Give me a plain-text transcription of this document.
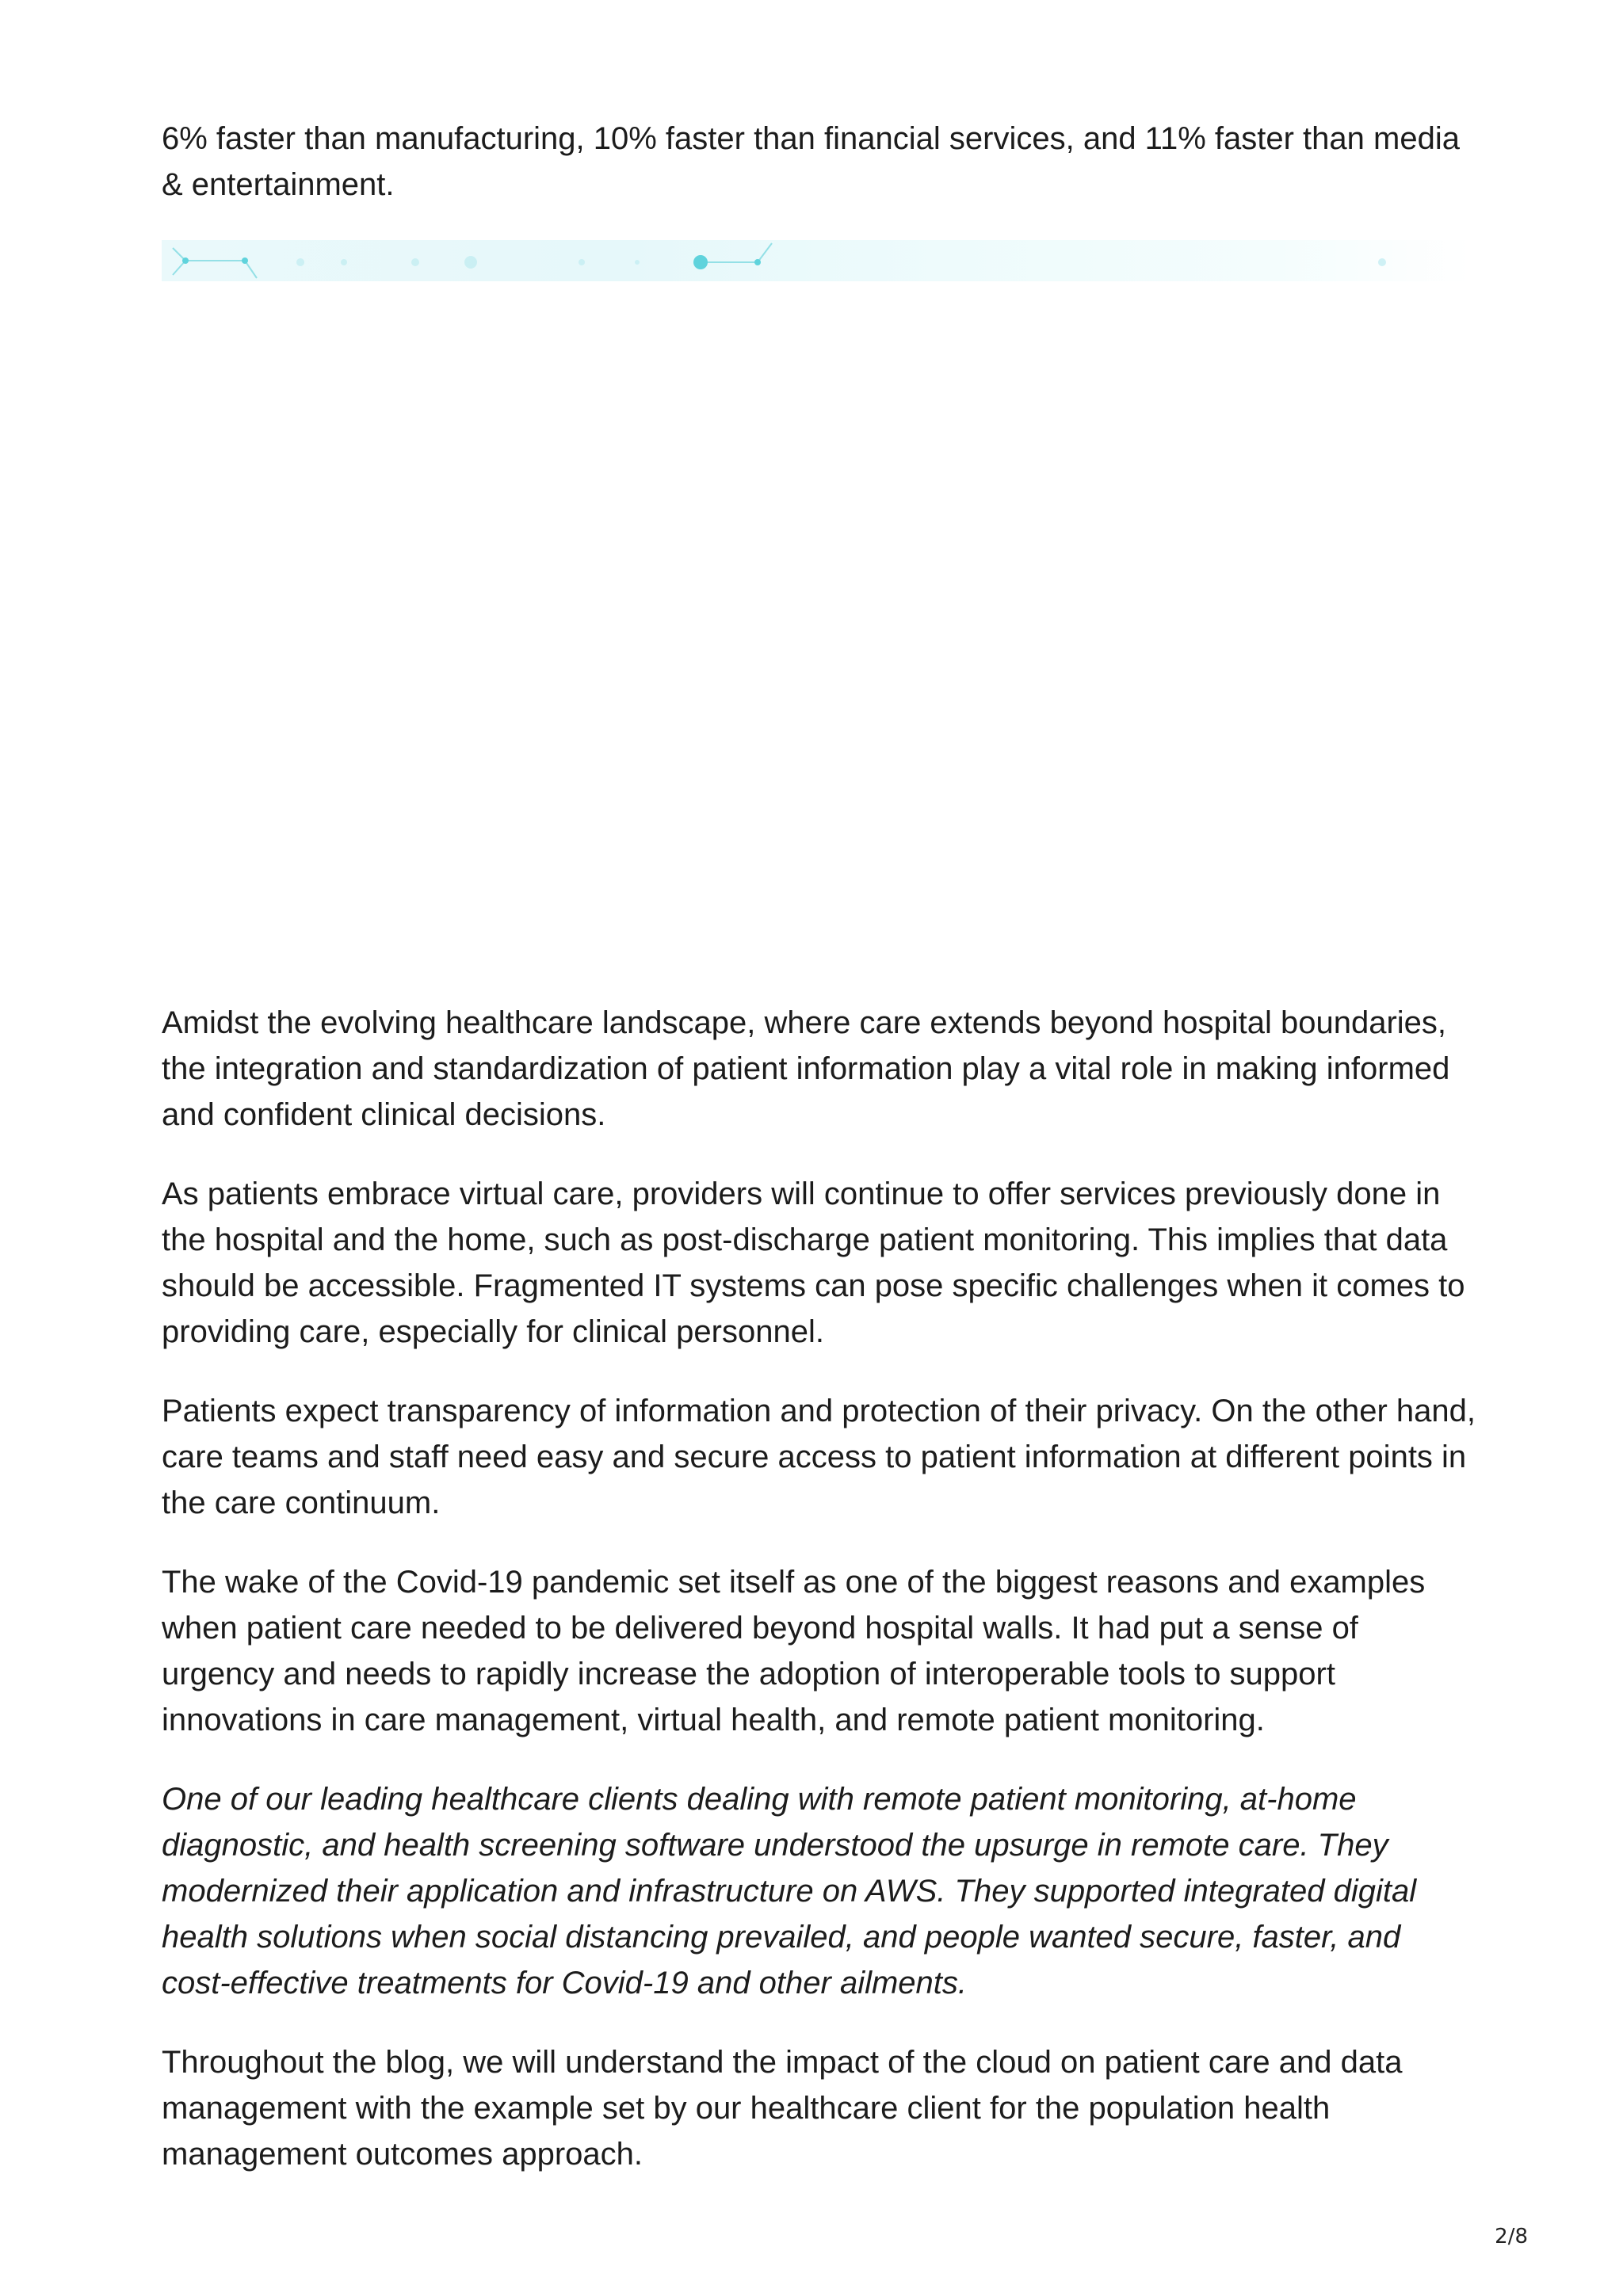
6% faster than manufacturing, 10% faster than financial services, and 11% faster than media & entertainment.

Amidst the evolving healthcare landscape, where care extends beyond hospital boundaries, the integration and standardization of patient information play a vital role in making informed and confident clinical decisions.

As patients embrace virtual care, providers will continue to offer services previously done in the hospital and the home, such as post-discharge patient monitoring. This implies that data should be accessible. Fragmented IT systems can pose specific challenges when it comes to providing care, especially for clinical personnel.

Patients expect transparency of information and protection of their privacy. On the other hand, care teams and staff need easy and secure access to patient information at different points in the care continuum.

The wake of the Covid-19 pandemic set itself as one of the biggest reasons and examples when patient care needed to be delivered beyond hospital walls. It had put a sense of urgency and needs to rapidly increase the adoption of interoperable tools to support innovations in care management, virtual health, and remote patient monitoring.

One of our leading healthcare clients dealing with remote patient monitoring, at-home diagnostic, and health screening software understood the upsurge in remote care. They modernized their application and infrastructure on AWS. They supported integrated digital health solutions when social distancing prevailed, and people wanted secure, faster, and cost-effective treatments for Covid-19 and other ailments.

Throughout the blog, we will understand the impact of the cloud on patient care and data management with the example set by our healthcare client for the population health management outcomes approach.

2/8
